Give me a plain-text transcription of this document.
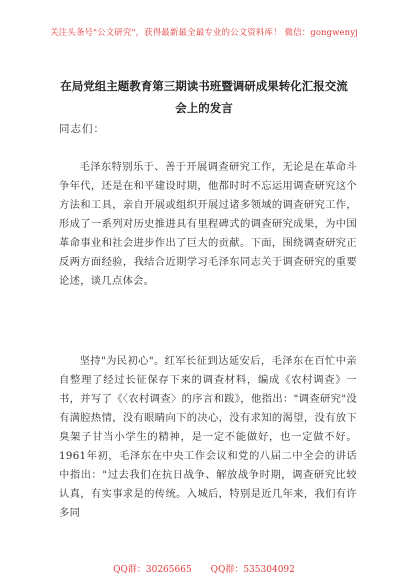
关注头条号"公文研究"，获得最新最全最专业的公文资料库！ 微信：gongwenyj
在局党组主题教育第三期读书班暨调研成果转化汇报交流
会上的发言
同志们：

毛泽东特别乐于、善于开展调查研究工作，无论是在革命斗争年代，还是在和平建设时期，他都时时不忘运用调查研究这个方法和工具，亲自开展或组织开展过诸多领域的调查研究工作，形成了一系列对历史推进具有里程碑式的调查研究成果，为中国革命事业和社会进步作出了巨大的贡献。下面，围绕调查研究正反两方面经验，我结合近期学习毛泽东同志关于调查研究的重要论述，谈几点体会。

坚持"为民初心"。红军长征到达延安后，毛泽东在百忙中亲自整理了经过长征保存下来的调查材料，编成《农村调查》一书，并写了《〈农村调查〉的序言和跋》，他指出："调查研究"没有满腔热情，没有眼睛向下的决心，没有求知的渴望，没有放下臭架子甘当小学生的精神，是一定不能做好，也一定做不好。1961年初，毛泽东在中央工作会议和党的八届二中全会的讲话中指出："过去我们在抗日战争、解放战争时期，调查研究比较认真，有实事求是的传统。入城后，特别是近几年来，我们有许多同

QQ群：30265665 QQ群：535304092
